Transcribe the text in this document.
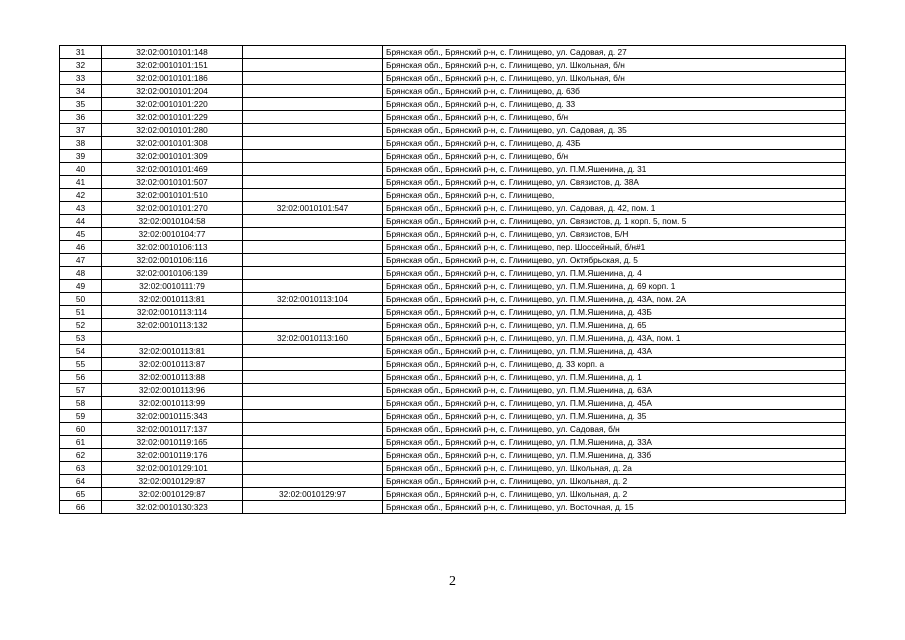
31	32:02:0010101:148		Брянская обл., Брянский р-н, с. Глинищево, ул. Садовая, д. 27
32	32:02:0010101:151		Брянская обл., Брянский р-н, с. Глинищево, ул. Школьная, б/н
33	32:02:0010101:186		Брянская обл., Брянский р-н, с. Глинищево, ул. Школьная, б/н
34	32:02:0010101:204		Брянская обл., Брянский р-н, с. Глинищево, д. 63б
35	32:02:0010101:220		Брянская обл., Брянский р-н, с. Глинищево, д. 33
36	32:02:0010101:229		Брянская обл., Брянский р-н, с. Глинищево, б/н
37	32:02:0010101:280		Брянская обл., Брянский р-н, с. Глинищево, ул. Садовая, д. 35
38	32:02:0010101:308		Брянская обл., Брянский р-н, с. Глинищево, д. 43Б
39	32:02:0010101:309		Брянская обл., Брянский р-н, с. Глинищево, б/н
40	32:02:0010101:469		Брянская обл., Брянский р-н, с. Глинищево, ул. П.М.Яшенина, д. 31
41	32:02:0010101:507		Брянская обл., Брянский р-н, с. Глинищево, ул. Связистов, д. 38А
42	32:02:0010101:510		Брянская обл., Брянский р-н, с. Глинищево,
43	32:02:0010101:270	32:02:0010101:547	Брянская обл., Брянский р-н, с. Глинищево, ул. Садовая, д. 42, пом. 1
44	32:02:0010104:58		Брянская обл., Брянский р-н, с. Глинищево, ул. Связистов, д. 1 корп. 5, пом. 5
45	32:02:0010104:77		Брянская обл., Брянский р-н, с. Глинищево, ул. Связистов, Б/Н
46	32:02:0010106:113		Брянская обл., Брянский р-н, с. Глинищево, пер. Шоссейный, б/н#1
47	32:02:0010106:116		Брянская обл., Брянский р-н, с. Глинищево, ул. Октябрьская, д. 5
48	32:02:0010106:139		Брянская обл., Брянский р-н, с. Глинищево, ул. П.М.Яшенина, д. 4
49	32:02:0010111:79		Брянская обл., Брянский р-н, с. Глинищево, ул. П.М.Яшенина, д. 69 корп. 1
50	32:02:0010113:81	32:02:0010113:104	Брянская обл., Брянский р-н, с. Глинищево, ул. П.М.Яшенина, д. 43А, пом. 2А
51	32:02:0010113:114		Брянская обл., Брянский р-н, с. Глинищево, ул. П.М.Яшенина, д. 43Б
52	32:02:0010113:132		Брянская обл., Брянский р-н, с. Глинищево, ул. П.М.Яшенина, д. 65
53		32:02:0010113:160	Брянская обл., Брянский р-н, с. Глинищево, ул. П.М.Яшенина, д. 43А, пом. 1
54	32:02:0010113:81		Брянская обл., Брянский р-н, с. Глинищево, ул. П.М.Яшенина, д. 43А
55	32:02:0010113:87		Брянская обл., Брянский р-н, с. Глинищево, д. 33 корп. а
56	32:02:0010113:88		Брянская обл., Брянский р-н, с. Глинищево, ул. П.М.Яшенина, д. 1
57	32:02:0010113:96		Брянская обл., Брянский р-н, с. Глинищево, ул. П.М.Яшенина, д. 63А
58	32:02:0010113:99		Брянская обл., Брянский р-н, с. Глинищево, ул. П.М.Яшенина, д. 45А
59	32:02:0010115:343		Брянская обл., Брянский р-н, с. Глинищево, ул. П.М.Яшенина, д. 35
60	32:02:0010117:137		Брянская обл., Брянский р-н, с. Глинищево, ул. Садовая, б/н
61	32:02:0010119:165		Брянская обл., Брянский р-н, с. Глинищево, ул. П.М.Яшенина, д. 33А
62	32:02:0010119:176		Брянская обл., Брянский р-н, с. Глинищево, ул. П.М.Яшенина, д. 33б
63	32:02:0010129:101		Брянская обл., Брянский р-н, с. Глинищево, ул. Школьная, д. 2а
64	32:02:0010129:87		Брянская обл., Брянский р-н, с. Глинищево, ул. Школьная, д. 2
65	32:02:0010129:87	32:02:0010129:97	Брянская обл., Брянский р-н, с. Глинищево, ул. Школьная, д. 2
66	32:02:0010130:323		Брянская обл., Брянский р-н, с. Глинищево, ул. Восточная, д. 15
2
